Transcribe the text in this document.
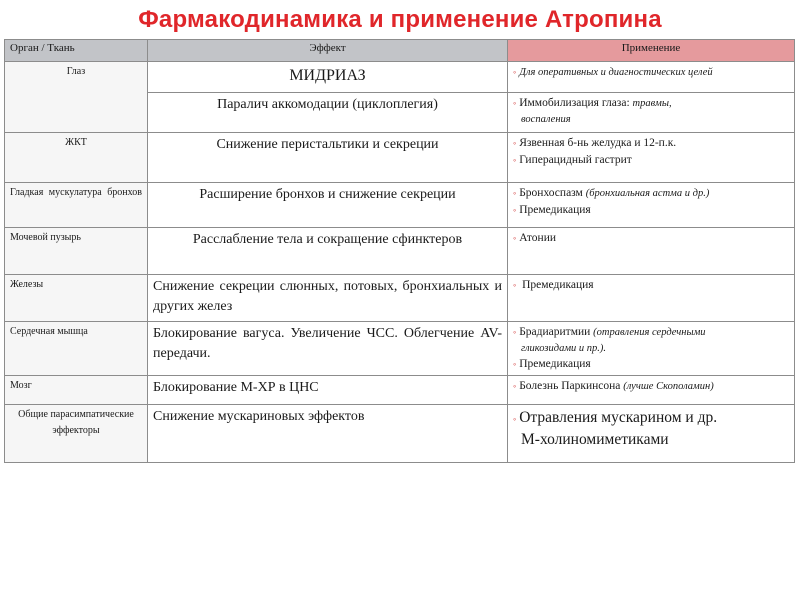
Фармакодинамика и применение Атропина
Орган / Ткань	Эффект	Применение
Глаз	МИДРИАЗ	◦ Для оперативных и диагностических целей
	Паралич аккомодации (циклоплегия)	◦ Иммобилизация глаза: травмы,
воспаления

ЖКТ	Снижение перистальтики и секреции	◦ Язвенная б-нь желудка и 12-п.к.
◦ Гиперацидный гастрит

Гладкая мускулатура бронхов	Расширение бронхов и снижение секреции	◦ Бронхоспазм (бронхиальная астма и др.)
◦ Премедикация

Мочевой пузырь	Расслабление тела и сокращение сфинктеров	◦ Атонии
Железы	Снижение секреции слюнных, потовых, бронхиальных и других желез	◦ Премедикация
Сердечная мышца	Блокирование вагуса. Увеличение ЧСС. Облегчение AV-передачи.	◦ Брадиаритмии (отравления сердечными
гликозидами и пр.).
◦ Премедикация

Мозг	Блокирование М-ХР в ЦНС	◦ Болезнь Паркинсона (лучше Скополамин)
Общие парасимпатические эффекторы	Снижение мускариновых эффектов	◦ Отравления мускарином и др.
М-холиномиметиками
